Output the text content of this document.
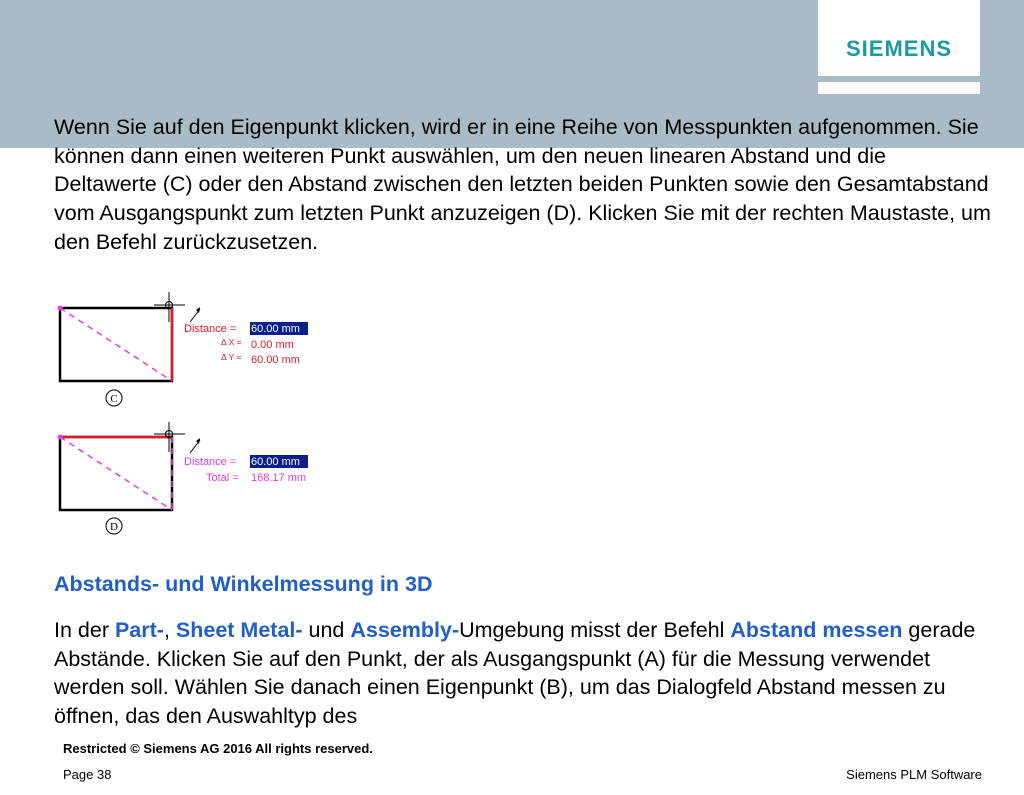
SIEMENS
Wenn Sie auf den Eigenpunkt klicken, wird er in eine Reihe von Messpunkten aufgenommen. Sie können dann einen weiteren Punkt auswählen, um den neuen linearen Abstand und die Deltawerte (C) oder den Abstand zwischen den letzten beiden Punkten sowie den Gesamtabstand vom Ausgangspunkt zum letzten Punkt anzuzeigen (D). Klicken Sie mit der rechten Maustaste, um den Befehl zurückzusetzen.
Distance = 60.00 mm
Δ X = 0.00 mm
Δ Y = 60.00 mm
C
Distance = 60.00 mm
Total = 168.17 mm
D
Abstands- und Winkelmessung in 3D
In der Part-, Sheet Metal- und Assembly-Umgebung misst der Befehl Abstand messen gerade Abstände. Klicken Sie auf den Punkt, der als Ausgangspunkt (A) für die Messung verwendet werden soll. Wählen Sie danach einen Eigenpunkt (B), um das Dialogfeld Abstand messen zu öffnen, das den Auswahltyp des
Restricted © Siemens AG 2016 All rights reserved.
Page 38	Siemens PLM Software
